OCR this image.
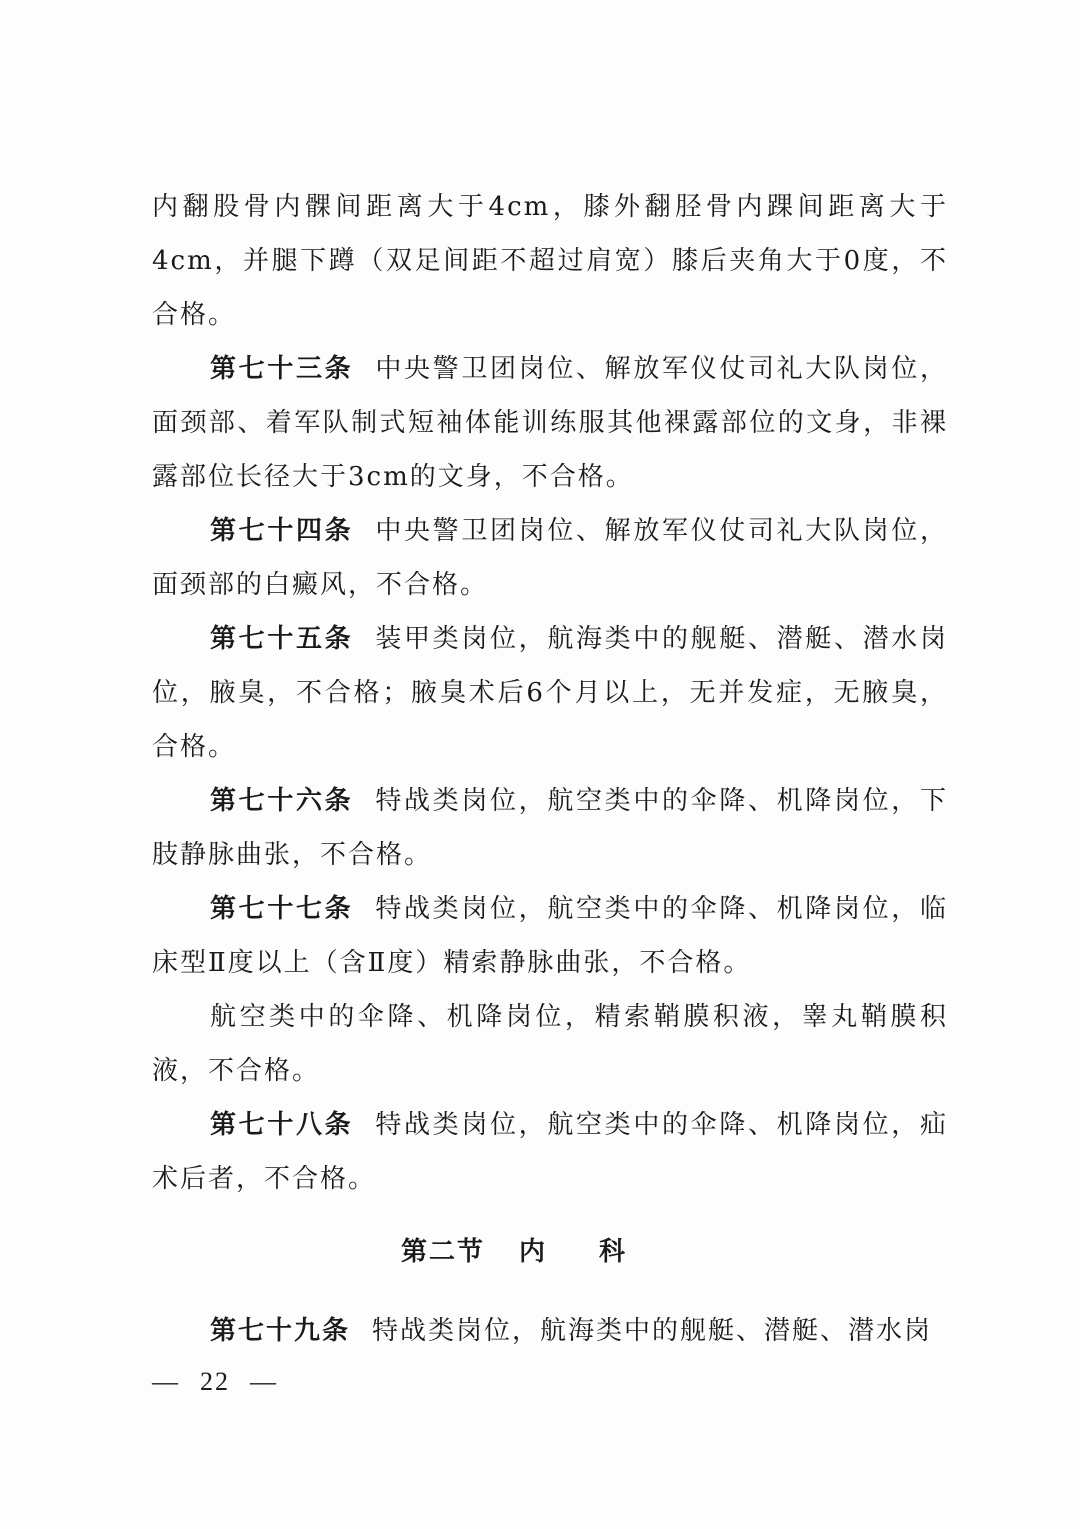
内翻股骨内髁间距离大于4cm，膝外翻胫骨内踝间距离大于4cm，并腿下蹲（双足间距不超过肩宽）膝后夹角大于0度，不合格。

第七十三条 中央警卫团岗位、解放军仪仗司礼大队岗位，面颈部、着军队制式短袖体能训练服其他裸露部位的文身，非裸露部位长径大于3cm的文身，不合格。

第七十四条 中央警卫团岗位、解放军仪仗司礼大队岗位，面颈部的白癜风，不合格。

第七十五条 装甲类岗位，航海类中的舰艇、潜艇、潜水岗位，腋臭，不合格；腋臭术后6个月以上，无并发症，无腋臭，合格。

第七十六条 特战类岗位，航空类中的伞降、机降岗位，下肢静脉曲张，不合格。

第七十七条 特战类岗位，航空类中的伞降、机降岗位，临床型Ⅱ度以上（含Ⅱ度）精索静脉曲张，不合格。

航空类中的伞降、机降岗位，精索鞘膜积液，睾丸鞘膜积液，不合格。

第七十八条 特战类岗位，航空类中的伞降、机降岗位，疝术后者，不合格。

第二节 内科

第七十九条 特战类岗位，航海类中的舰艇、潜艇、潜水岗

— 22 —
